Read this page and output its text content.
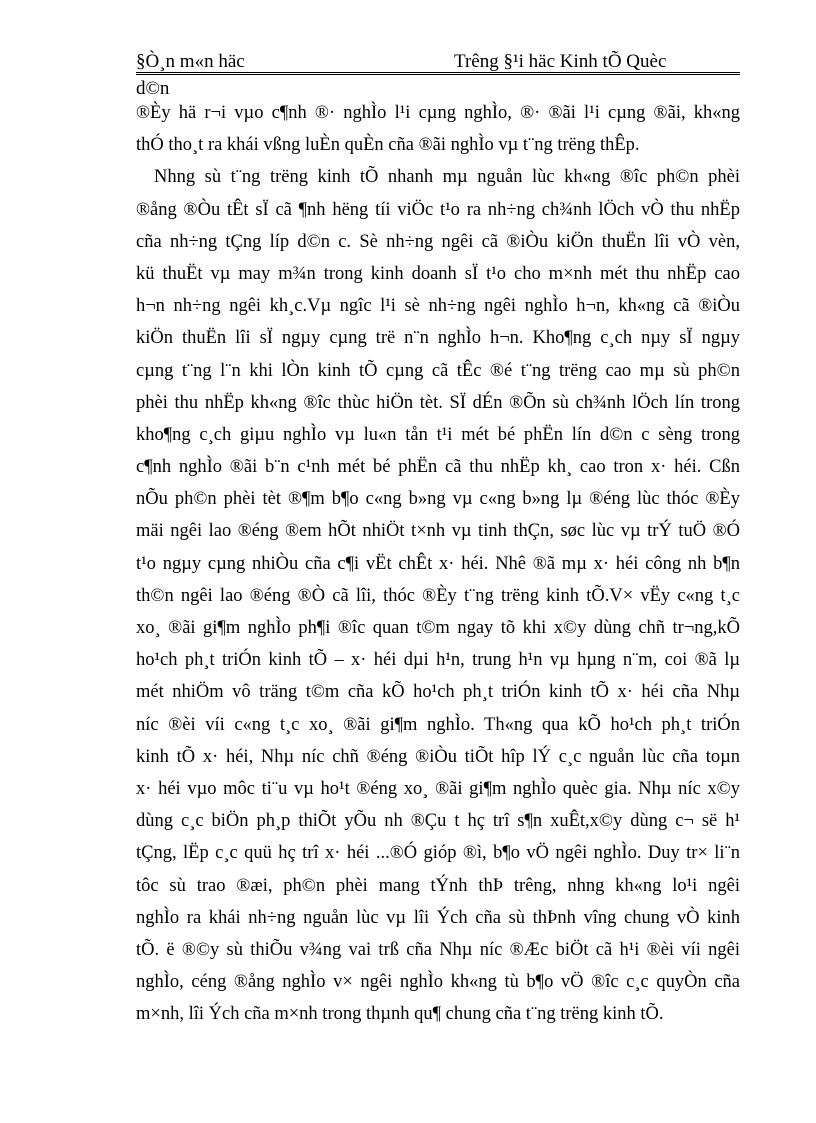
§Ò¸n m«n häc	Trêng §¹i häc Kinh tÕ Quèc
d©n
®Èy hä r¬i vµo c¶nh ®· nghÌo l¹i cµng nghÌo, ®· ®ãi l¹i cµng ®ãi, kh«ng
thÓ tho¸t ra khái vßng luÈn quÈn cña ®ãi nghÌo vµ t¨ng trëng thÊp.
Nhng sù t¨ng trëng kinh tÕ nhanh mµ nguån lùc kh«ng ®îc ph©n phèi
®ång ®Òu tÊt sÏ cã ¶nh hëng tíi viÖc t¹o ra nh÷ng ch¾nh lÖch vÒ thu nhËp
cña nh÷ng tÇng líp d©n c. Sè nh÷ng ngêi cã ®iÒu kiÖn thuËn lîi vÒ vèn,
kü thuËt vµ may m¾n trong kinh doanh sÏ t¹o cho m×nh mét thu nhËp cao
h¬n nh÷ng ngêi kh¸c.Vµ ngîc l¹i sè nh÷ng ngêi nghÌo h¬n, kh«ng cã ®iÒu
kiÖn thuËn lîi sÏ ngµy cµng trë n¨n nghÌo h¬n. Kho¶ng c¸ch nµy sÏ ngµy
cµng t¨ng l¨n khi lÒn kinh tÕ cµng cã tÊc ®é t¨ng trëng cao mµ sù ph©n
phèi thu nhËp kh«ng ®îc thùc hiÖn tèt. SÏ dÉn ®Õn sù ch¾nh lÖch lín trong
kho¶ng c¸ch giµu nghÌo vµ lu«n tån t¹i mét bé phËn lín d©n c sèng trong
c¶nh nghÌo ®ãi b¨n c¹nh mét bé phËn cã thu nhËp kh¸ cao tron x· héi. Cßn
nÕu ph©n phèi tèt ®¶m b¶o c«ng b»ng vµ c«ng b»ng lµ ®éng lùc thóc ®Èy
mäi ngêi lao ®éng ®em hÕt nhiÖt t×nh vµ tinh thÇn, søc lùc vµ trÝ tuÖ ®Ó
t¹o ngµy cµng nhiÒu cña c¶i vËt chÊt x· héi. Nhê ®ã mµ x· héi công nh b¶n
th©n ngêi lao ®éng ®Ò cã lîi, thóc ®Èy t¨ng trëng kinh tÕ.V× vËy c«ng t¸c
xo¸ ®ãi gi¶m nghÌo ph¶i ®îc quan t©m ngay tõ khi x©y dùng chñ tr¬ng,kÕ
ho¹ch ph¸t triÓn kinh tÕ – x· héi dµi h¹n, trung h¹n vµ hµng n¨m, coi ®ã lµ
mét nhiÖm vô träng t©m cña kÕ ho¹ch ph¸t triÓn kinh tÕ x· héi cña Nhµ
níc ®èi víi c«ng t¸c xo¸ ®ãi gi¶m nghÌo. Th«ng qua kÕ ho¹ch ph¸t triÓn
kinh tÕ x· héi, Nhµ níc chñ ®éng ®iÒu tiÕt hîp lÝ c¸c nguån lùc cña toµn
x· héi vµo môc ti¨u vµ ho¹t ®éng xo¸ ®ãi gi¶m nghÌo quèc gia. Nhµ níc x©y
dùng c¸c biÖn ph¸p thiÕt yÕu nh ®Çu t hç trî s¶n xuÊt,x©y dùng c¬ së h¹
tÇng, lËp c¸c quü hç trî x· héi ...®Ó gióp ®ì, b¶o vÖ ngêi nghÌo. Duy tr× li¨n
tôc sù trao ®æi, ph©n phèi mang tÝnh thÞ trêng, nhng kh«ng lo¹i ngêi
nghÌo ra khái nh÷ng nguån lùc vµ lîi Ých cña sù thÞnh vîng chung vÒ kinh
tÕ. ë ®©y sù thiÕu v¾ng vai trß cña Nhµ níc ®Æc biÖt cã h¹i ®èi víi ngêi
nghÌo, céng ®ång nghÌo v× ngêi nghÌo kh«ng tù b¶o vÖ ®îc c¸c quyÒn cña
m×nh, lîi Ých cña m×nh trong thµnh qu¶ chung cña t¨ng trëng kinh tÕ.
